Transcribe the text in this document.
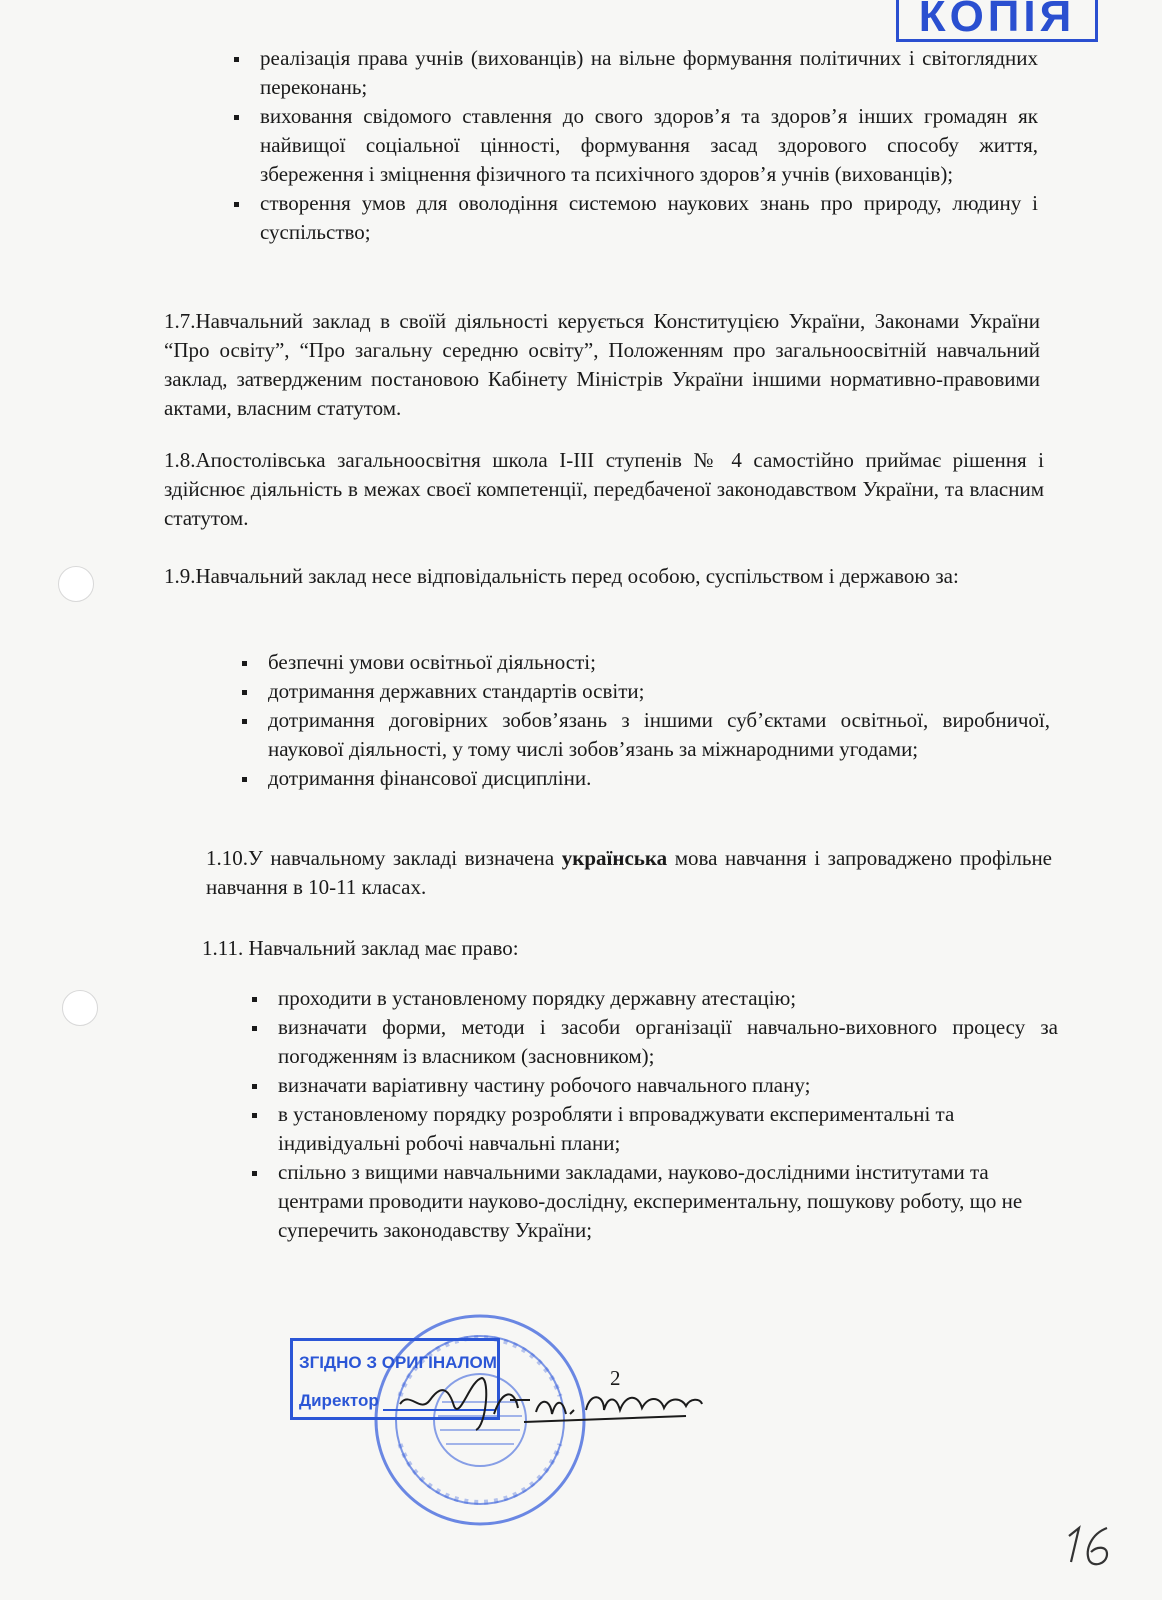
КОПІЯ
реалізація права учнів (вихованців) на вільне формування політичних і світоглядних переконань;
виховання свідомого ставлення до свого здоров’я та здоров’я інших громадян як найвищої соціальної цінності, формування засад здорового способу життя, збереження і зміцнення фізичного та психічного здоров’я учнів (вихованців);
створення умов для оволодіння системою наукових знань про природу, людину і суспільство;
1.7.Навчальний заклад в своїй діяльності керується Конституцією України, Законами України “Про освіту”, “Про загальну середню освіту”, Положенням про загальноосвітній навчальний заклад, затвердженим постановою Кабінету Міністрів України іншими нормативно-правовими актами, власним статутом.
1.8.Апостолівська загальноосвітня школа І-ІІІ ступенів № 4 самостійно приймає рішення і здійснює діяльність в межах своєї компетенції, передбаченої законодавством України, та власним статутом.
1.9.Навчальний заклад несе відповідальність перед особою, суспільством і державою за:
безпечні умови освітньої діяльності;
дотримання державних стандартів освіти;
дотримання договірних зобов’язань з іншими суб’єктами освітньої, виробничої, наукової діяльності, у тому числі зобов’язань за міжнародними угодами;
дотримання фінансової дисципліни.
1.10.У навчальному закладі визначена українська мова навчання і запроваджено профільне навчання в 10-11 класах.
1.11. Навчальний заклад має право:
проходити в установленому порядку державну атестацію;
визначати форми, методи і засоби організації навчально-виховного процесу за погодженням із власником (засновником);
визначати варіативну частину робочого навчального плану;
в установленому порядку розробляти і впроваджувати експериментальні та індивідуальні робочі навчальні плани;
спільно з вищими навчальними закладами, науково-дослідними інститутами та центрами проводити науково-дослідну, експериментальну, пошукову роботу, що не суперечить законодавству України;
ЗГІДНО З ОРИГІНАЛОМ
Директор
2
